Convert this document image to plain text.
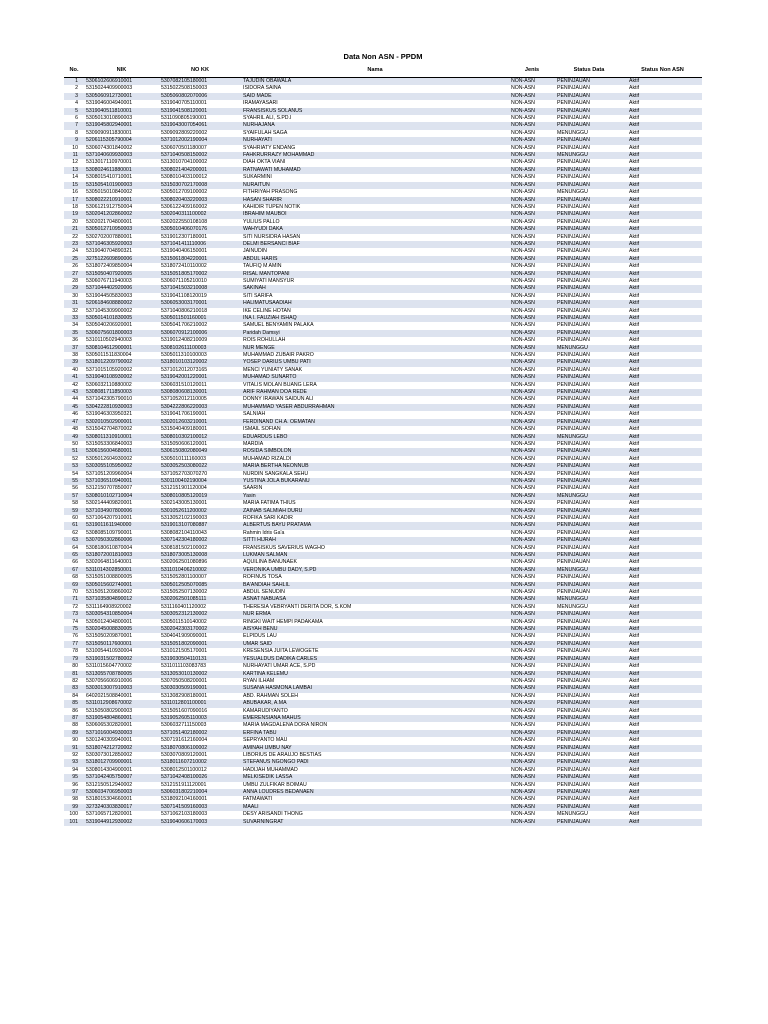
Data Non ASN - PPDM
No.	NIK	NO KK	Nama	Jenis	Status Data	Status Non ASN
1	5306102606910001	5307082105180001	TAJUDIN OBAWALA	NON-ASN	PENINJAUAN	Aktif
2	5315024409900003	5315022508150003	ISIDORA SAINA	NON-ASN	PENINJAUAN	Aktif
3	5305060912730001	5305060802070006	SAID MADE	NON-ASN	PENINJAUAN	Aktif
4	5319046004940001	5319040705110001	IRAMAYASARI	NON-ASN	PENINJAUAN	Aktif
5	5319040511810001	5319041508120001	FRANSISKUS SOLANUS	NON-ASN	PENINJAUAN	Aktif
6	5305013010890003	5311090805190001	SYAHRIL ALI, S.PD.I	NON-ASN	PENINJAUAN	Aktif
7	5319045802940001	5319043007054061	NURHAJANA	NON-ASN	PENINJAUAN	Aktif
8	5309090911830001	5309092809220002	SYAIFULAH SAGA	NON-ASN	MENUNGGU	Aktif
9	5206115305790004	5371012002190004	NURHAYATI	NON-ASN	PENINJAUAN	Aktif
10	5306074301840002	5306070501180007	SYAHRIATY ENDANG	NON-ASN	PENINJAUAN	Aktif
11	5371040609930003	5371040508150002	FAHKRURRAZY MOHAMMAD	NON-ASN	MENUNGGU	Aktif
12	5313017110970001	5313010704100002	DIAH OKTA VIANI	NON-ASN	PENINJAUAN	Aktif
13	5308024611880001	5308021404200001	RATNAWATI MUHAMAD	NON-ASN	PENINJAUAN	Aktif
14	5308015410710001	5308010403100012	SUKARMINI	NON-ASN	PENINJAUAN	Aktif
15	5315054101900003	5315030702170008	NURAITUN	NON-ASN	PENINJAUAN	Aktif
16	5305015010840002	5305012709100002	FITHRIYAH PRASONG	NON-ASN	MENUNGGU	Aktif
17	5308022210910001	5308020403220003	HASAN SHARIR	NON-ASN	PENINJAUAN	Aktif
18	5306121912750004	5306122409160002	KAHIDIR TUPEN NOTIK	NON-ASN	PENINJAUAN	Aktif
19	5302041202860002	5302040311100002	IBRAHIM MAUBOI	NON-ASN	PENINJAUAN	Aktif
20	5302021704800001	5302022550108108	YULIUS PALLO	NON-ASN	PENINJAUAN	Aktif
21	5305012710950003	5305010406070176	WAHYUDI DAKA	NON-ASN	PENINJAUAN	Aktif
22	5302702007880001	5319012307180001	SITI NURSIDRA HASAN	NON-ASN	PENINJAUAN	Aktif
23	5371046305920003	5371041411110006	DELMI BERSANCI BIAF	NON-ASN	PENINJAUAN	Aktif
24	5319040704890321	5319040406150001	JAINUDIN	NON-ASN	PENINJAUAN	Aktif
25	3275122609890006	5315061804220001	ABDUL HARIS	NON-ASN	PENINJAUAN	Aktif
26	5318072409850004	5318072410110002	TAUFIQ M AMIN	NON-ASN	PENINJAUAN	Aktif
27	5315050407920005	5315051805170002	RISAL MANTOPANI	NON-ASN	PENINJAUAN	Aktif
28	5306076711940003	5306071105210010	SUMIYATI MANSYUR	NON-ASN	PENINJAUAN	Aktif
29	5371044402920006	5371041503210008	SAKINAH	NON-ASN	PENINJAUAN	Aktif
30	5319044505830003	5319041108120019	SITI SARIFA	NON-ASN	PENINJAUAN	Aktif
31	5206184608880002	5306053003170001	HALIMATUSAADIAH	NON-ASN	PENINJAUAN	Aktif
32	5371045309900002	5371040806210018	IKE CELINE HOTAN	NON-ASN	PENINJAUAN	Aktif
33	5305014101830005	5305011501160001	INA I. FAUZIAH ISHAQ	NON-ASN	PENINJAUAN	Aktif
34	5305040206920001	5305041706210002	SAMUEL BENYAMIN PALAKA	NON-ASN	PENINJAUAN	Aktif
35	5306075601800003	5306070912100006	Paridah Damsyi	NON-ASN	PENINJAUAN	Aktif
36	5310110502940003	5319012408210009	ROIS ROHULLAH	NON-ASN	PENINJAUAN	Aktif
37	5308104612900001	5308102611100003	NUR MENGE	NON-ASN	MENUNGGU	Aktif
38	5305011511830004	5305011310100003	MUHAMMAD ZUBAIR PAKRO	NON-ASN	PENINJAUAN	Aktif
39	5318012209790002	5318010103120002	YOSEP DARIUS UMBU PATI	NON-ASN	PENINJAUAN	Aktif
40	5371015105920002	5371012012073165	MENCI YUNIATY SANAK	NON-ASN	PENINJAUAN	Aktif
41	5319040108930002	5319042001220001	MUHAMAD SUNARTO	NON-ASN	PENINJAUAN	Aktif
42	5306032110880002	5306031510120011	VITALIS MOLAN BUANG LERA	NON-ASN	PENINJAUAN	Aktif
43	5308081711850003	5308080608130001	ARIF RAHMAN DOA REDE	NON-ASN	PENINJAUAN	Aktif
44	5371042305790010	5371052012110005	DONNY IRAWAN SAIDUN ALI	NON-ASN	PENINJAUAN	Aktif
45	5304222810930003	5304222806220003	MUHAMMAD YASER ABDURRAHMAN	NON-ASN	PENINJAUAN	Aktif
46	5319046303950321	5319041706190001	SALNIAH	NON-ASN	PENINJAUAN	Aktif
47	5302010502900001	5302012603210001	FERDINAND CH.A. OEMATAN	NON-ASN	PENINJAUAN	Aktif
48	5315042704870002	5315040409180001	ISMAIL SOFIAN	NON-ASN	PENINJAUAN	Aktif
49	5308011310910001	5308010302100012	EDUARDUS LEBO	NON-ASN	MENUNGGU	Aktif
50	5315053306840003	5315050606120001	MARDIA	NON-ASN	PENINJAUAN	Aktif
51	5306156004680001	5306150802080049	ROSIDA SIMBOLON	NON-ASN	PENINJAUAN	Aktif
52	5305012604930002	5305010111160003	MUHAMAD RIZALDI	NON-ASN	PENINJAUAN	Aktif
53	5303055105950002	5303052503080022	MARIA BERTHA NEONNUB	NON-ASN	PENINJAUAN	Aktif
54	5371051209960004	5371052703070270	NURDIN SANGKALA SEHU	NON-ASN	PENINJAUAN	Aktif
55	5371036510940001	5301100402190004	YUSTINA JOLA BUKARANU	NON-ASN	PENINJAUAN	Aktif
56	5312150707850007	5312151901120004	SAARIN	NON-ASN	PENINJAUAN	Aktif
57	5308010102710004	5308010805120019	Yasin	NON-ASN	MENUNGGU	Aktif
58	5302144409820001	5302143005130001	MARIA FATIMA THIUS	NON-ASN	PENINJAUAN	Aktif
59	5371034907800006	5301052611200002	ZAINAB SALMIAH DURU	NON-ASN	PENINJAUAN	Aktif
60	5371064207910001	5313052102190003	ROFIKA SARI KADIR	NON-ASN	PENINJAUAN	Aktif
61	5319011611940000	5319013107080887	ALBERTUS BAYU PRATAMA	NON-ASN	PENINJAUAN	Aktif
62	5308085109790001	5308082104110043	Rahmin Idris Ga'a	NON-ASN	PENINJAUAN	Aktif
63	5307050302860006	5307142304180002	SITTI HIJRAH	NON-ASN	PENINJAUAN	Aktif
64	5308180610870004	5308181502100002	FRANSISKUS SAVERIUS WAGHO	NON-ASN	PENINJAUAN	Aktif
65	5318072001810003	5318073005130008	LUKMAN SALMAN	NON-ASN	PENINJAUAN	Aktif
66	5302064811640001	5302062501080896	AQUILINA BANUNAEK	NON-ASN	PENINJAUAN	Aktif
67	5311014302850001	5311010406210002	VERONIKA UMBU DADY, S.PD	NON-ASN	MENUNGGU	Aktif
68	5315051008800005	5315052801100007	ROFINUS TOSA	NON-ASN	PENINJAUAN	Aktif
69	5305015602740001	5305012505070085	BA'ANDIAH SAHLIL	NON-ASN	PENINJAUAN	Aktif
70	5315051209860002	5315052507130002	ABDUL SENUDIN	NON-ASN	PENINJAUAN	Aktif
71	5371035804890012	5302062501085111	ASNAT NABUASA	NON-ASN	MENUNGGU	Aktif
72	5311164908920002	5311160401120002	THERESIA VEBRYANTI DERITA DOR, S.KOM	NON-ASN	MENUNGGU	Aktif
73	5303054310850004	5303052312130002	NUR ERMA	NON-ASN	PENINJAUAN	Aktif
74	5305012404800001	5305011510140002	RINGKI WAIT HEMPI PADAKAMA	NON-ASN	PENINJAUAN	Aktif
75	5302045008830005	5302042303170002	AISYAH BENU	NON-ASN	PENINJAUAN	Aktif
76	5315050209870001	5304041909090001	ELPIDUS LAU	NON-ASN	PENINJAUAN	Aktif
77	5315050117600001	5315051802090001	UMAR SAID	NON-ASN	PENINJAUAN	Aktif
78	5310054410930004	5310121505170001	KRESENSIA JUITA LEWOGETE	NON-ASN	PENINJAUAN	Aktif
79	5319031502780002	5319030504110131	YESUALDUS DADIKA CARLES	NON-ASN	PENINJAUAN	Aktif
80	5311015604770002	5311011103083783	NURHAYATI UMAR ACE, S.PD	NON-ASN	PENINJAUAN	Aktif
81	5313055708780005	5313053010130002	KARTINA KELEMU	NON-ASN	PENINJAUAN	Aktif
82	5307056606910006	5307050508200001	RYAN ILHAM	NON-ASN	PENINJAUAN	Aktif
83	5303013007910003	5303030509190001	SUSANA HASMONA LAMBAI	NON-ASN	PENINJAUAN	Aktif
84	6402021508840001	5313082908180001	ABD. RAHMAN SOLEH	NON-ASN	PENINJAUAN	Aktif
85	5311012908670002	5311012801100001	ABUBAKAR, A.MA	NON-ASN	PENINJAUAN	Aktif
86	5315050802900003	5315051607090016	KAMARUDIYANTO	NON-ASN	PENINJAUAN	Aktif
87	5319054804860001	5319052605110003	EMERENSIANA MAHUS	NON-ASN	PENINJAUAN	Aktif
88	5306065302820001	5306032711150003	MARIA MAGDALENA DORA NIRON	NON-ASN	PENINJAUAN	Aktif
89	5371016004930003	5371051402180002	ERFINA TABU	NON-ASN	PENINJAUAN	Aktif
90	5301240309940001	5307191612160004	SEPRYANTO MAU	NON-ASN	PENINJAUAN	Aktif
91	5318074212720002	5318070806100002	AMINAH UMBU NAY	NON-ASN	PENINJAUAN	Aktif
92	5303073012850002	5303070809120001	LIBORIUS DE ARAUJO BESTIAS	NON-ASN	PENINJAUAN	Aktif
93	5318012709900001	5318011607210002	STEFANUS NGONGO PADI	NON-ASN	PENINJAUAN	Aktif
94	5308014304900001	5308012501100012	HADIJAH MUHAMMAD	NON-ASN	PENINJAUAN	Aktif
95	5371042405750007	5371042408100026	MELKISEDIK LASSA	NON-ASN	PENINJAUAN	Aktif
96	5312150512940002	5312151911120001	UMBU ZULFIKAR BOIMAU	NON-ASN	PENINJAUAN	Aktif
97	5306034706950003	5306031802210004	ANNA LOUDRES BEDANAEN	NON-ASN	PENINJAUAN	Aktif
98	5318015304660001	5318092104160001	FATMAWATI	NON-ASN	PENINJAUAN	Aktif
99	3273240303830017	5307141509160003	MAALI	NON-ASN	PENINJAUAN	Aktif
100	5371065712820001	5371062103180003	DESY ARISANDI THONG	NON-ASN	MENUNGGU	Aktif
101	5319044912930002	5319040606170003	SUVARNINGRAT	NON-ASN	PENINJAUAN	Aktif
